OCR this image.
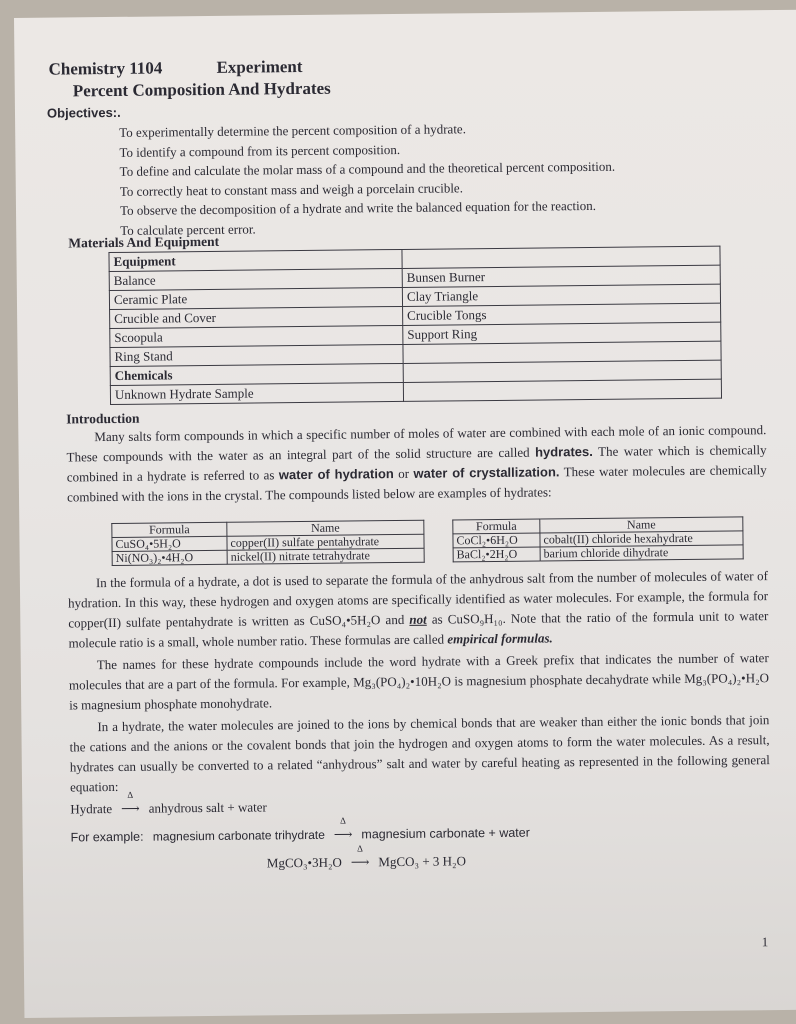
Chemistry 1104	Experiment
Percent Composition And Hydrates
Objectives:.
To experimentally determine the percent composition of a hydrate.
To identify a compound from its percent composition.
To define and calculate the molar mass of a compound and the theoretical percent composition.
To correctly heat to constant mass and weigh a porcelain crucible.
To observe the decomposition of a hydrate and write the balanced equation for the reaction.
To calculate percent error.
Materials And Equipment
Equipment	
Balance	Bunsen Burner
Ceramic Plate	Clay Triangle
Crucible and Cover	Crucible Tongs
Scoopula	Support Ring
Ring Stand	
Chemicals	
Unknown Hydrate Sample	
Introduction

Many salts form compounds in which a specific number of moles of water are combined with each mole of an ionic compound. These compounds with the water as an integral part of the solid structure are called hydrates. The water which is chemically combined in a hydrate is referred to as water of hydration or water of crystallization. These water molecules are chemically combined with the ions in the crystal. The compounds listed below are examples of hydrates:

Formula	Name		Formula	Name
CuSO₄•5H₂O	copper(II) sulfate pentahydrate		CoCl₂•6H₂O	cobalt(II) chloride hexahydrate
Ni(NO₃)₂•4H₂O	nickel(II) nitrate tetrahydrate		BaCl₂•2H₂O	barium chloride dihydrate

In the formula of a hydrate, a dot is used to separate the formula of the anhydrous salt from the number of molecules of water of hydration. In this way, these hydrogen and oxygen atoms are specifically identified as water molecules. For example, the formula for copper(II) sulfate pentahydrate is written as CuSO₄•5H₂O and not as CuSO₉H₁₀. Note that the ratio of the formula unit to water molecule ratio is a small, whole number ratio. These formulas are called empirical formulas.

The names for these hydrate compounds include the word hydrate with a Greek prefix that indicates the number of water molecules that are a part of the formula. For example, Mg₃(PO₄)₂•10H₂O is magnesium phosphate decahydrate while Mg₃(PO₄)₂•H₂O is magnesium phosphate monohydrate.

In a hydrate, the water molecules are joined to the ions by chemical bonds that are weaker than either the ionic bonds that join the cations and the anions or the covalent bonds that join the hydrogen and oxygen atoms to form the water molecules. As a result, hydrates can usually be converted to a related “anhydrous” salt and water by careful heating as represented in the following general equation:

Hydrate
Δ
⟶ anhydrous salt + water
For example: magnesium carbonate trihydrate
Δ
⟶ magnesium carbonate + water
MgCO₃•3H₂O
Δ
⟶ MgCO₃ + 3 H₂O
1
